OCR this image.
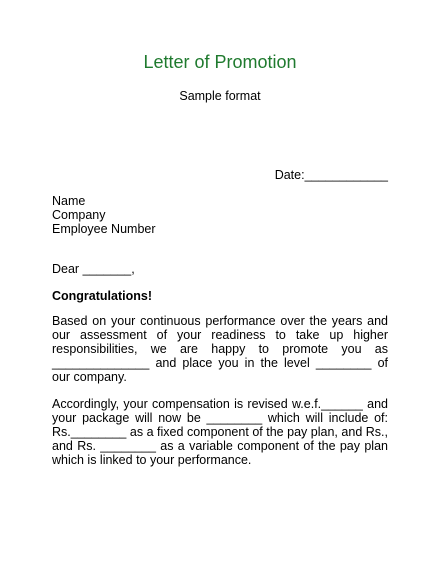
Letter of Promotion
Sample format
Date:____________
Name
Company
Employee Number
Dear _______,
Congratulations!
Based on your continuous performance over the years and our assessment of your readiness to take up higher responsibilities, we are happy to promote you as ______________ and place you in the level ________ of our company.
Accordingly, your compensation is revised w.e.f.______ and your package will now be ________ which will include of: Rs.________ as a fixed component of the pay plan, and Rs., and Rs. ________ as a variable component of the pay plan which is linked to your performance.
